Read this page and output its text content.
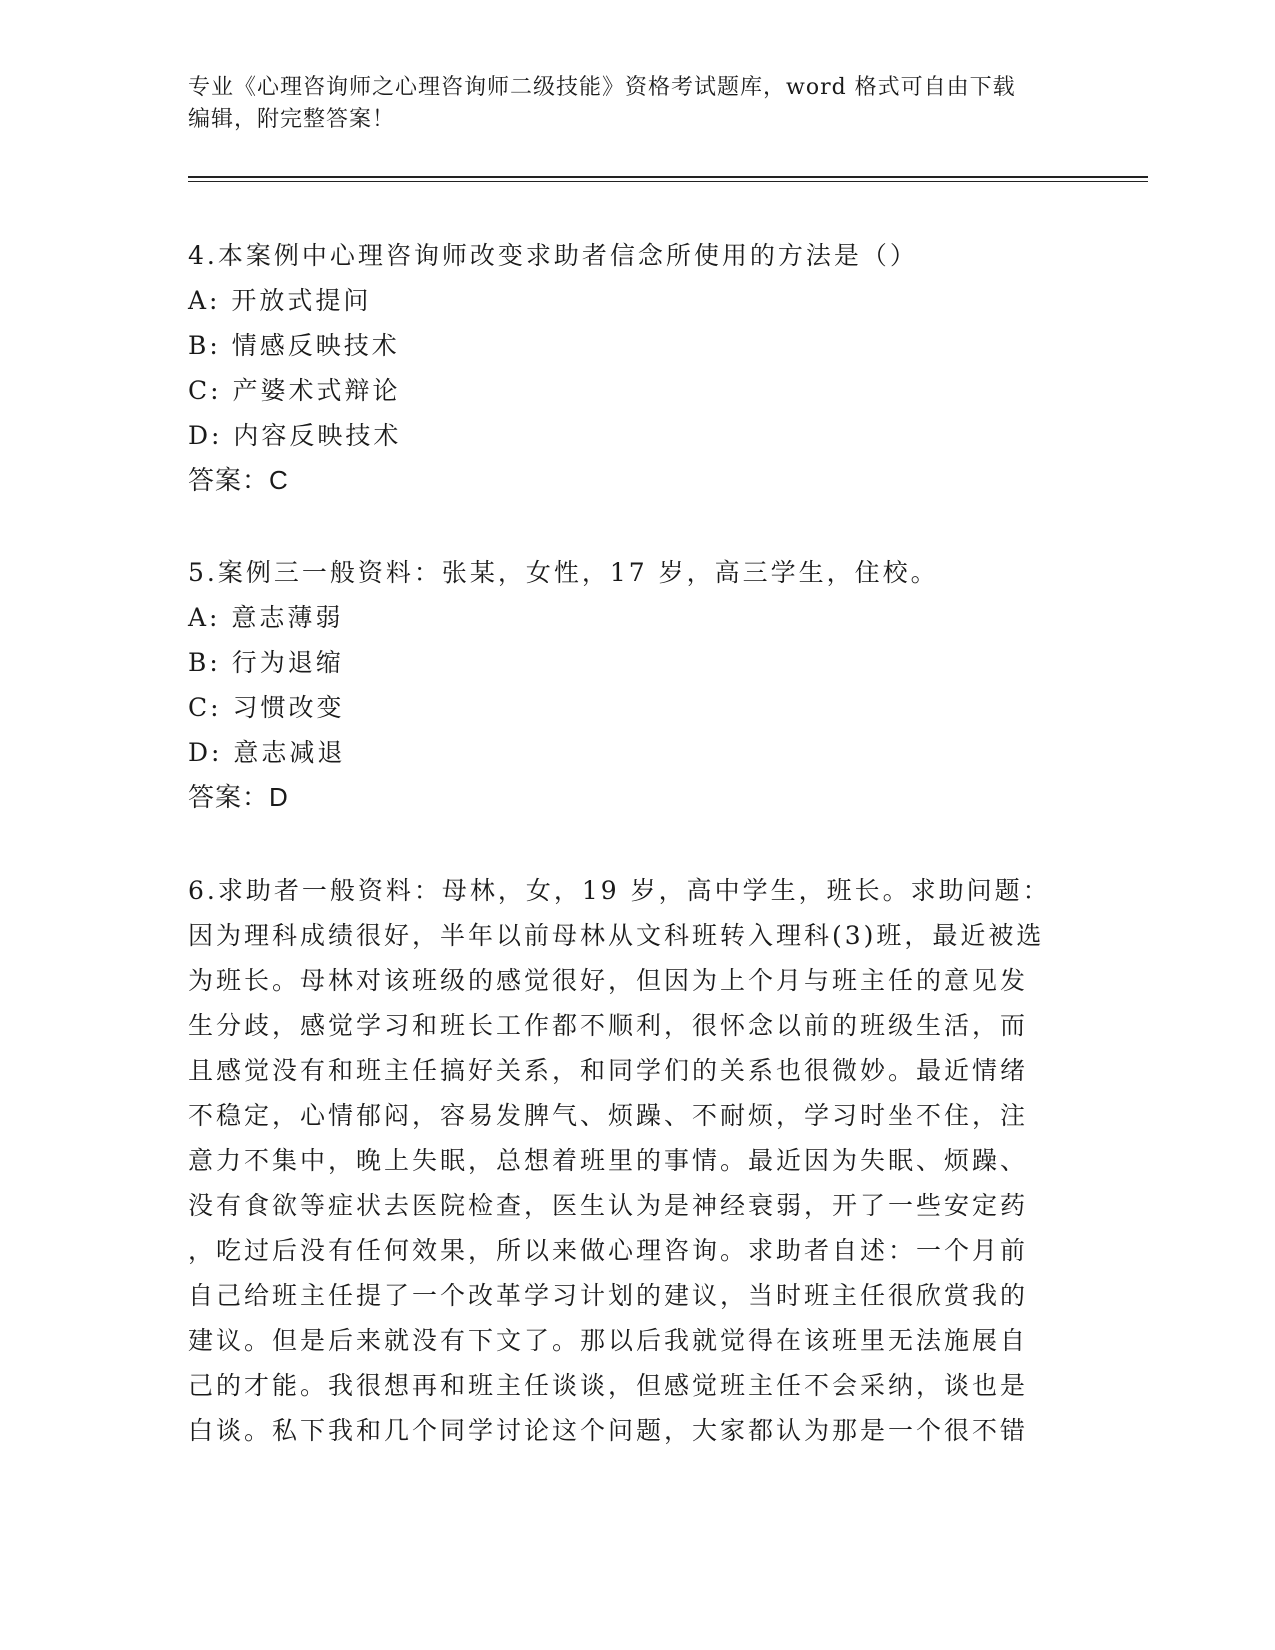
专业《心理咨询师之心理咨询师二级技能》资格考试题库，word 格式可自由下载
编辑，附完整答案！
4.本案例中心理咨询师改变求助者信念所使用的方法是（）
A: 开放式提问
B: 情感反映技术
C: 产婆术式辩论
D: 内容反映技术
答案：C
5.案例三一般资料：张某，女性，17 岁，高三学生，住校。
A: 意志薄弱
B: 行为退缩
C: 习惯改变
D: 意志减退
答案：D
6.求助者一般资料：母林，女，19 岁，高中学生，班长。求助问题：
因为理科成绩很好，半年以前母林从文科班转入理科(3)班，最近被选
为班长。母林对该班级的感觉很好，但因为上个月与班主任的意见发
生分歧，感觉学习和班长工作都不顺利，很怀念以前的班级生活，而
且感觉没有和班主任搞好关系，和同学们的关系也很微妙。最近情绪
不稳定，心情郁闷，容易发脾气、烦躁、不耐烦，学习时坐不住，注
意力不集中，晚上失眠，总想着班里的事情。最近因为失眠、烦躁、
没有食欲等症状去医院检查，医生认为是神经衰弱，开了一些安定药
，吃过后没有任何效果，所以来做心理咨询。求助者自述：一个月前
自己给班主任提了一个改革学习计划的建议，当时班主任很欣赏我的
建议。但是后来就没有下文了。那以后我就觉得在该班里无法施展自
己的才能。我很想再和班主任谈谈，但感觉班主任不会采纳，谈也是
白谈。私下我和几个同学讨论这个问题，大家都认为那是一个很不错
